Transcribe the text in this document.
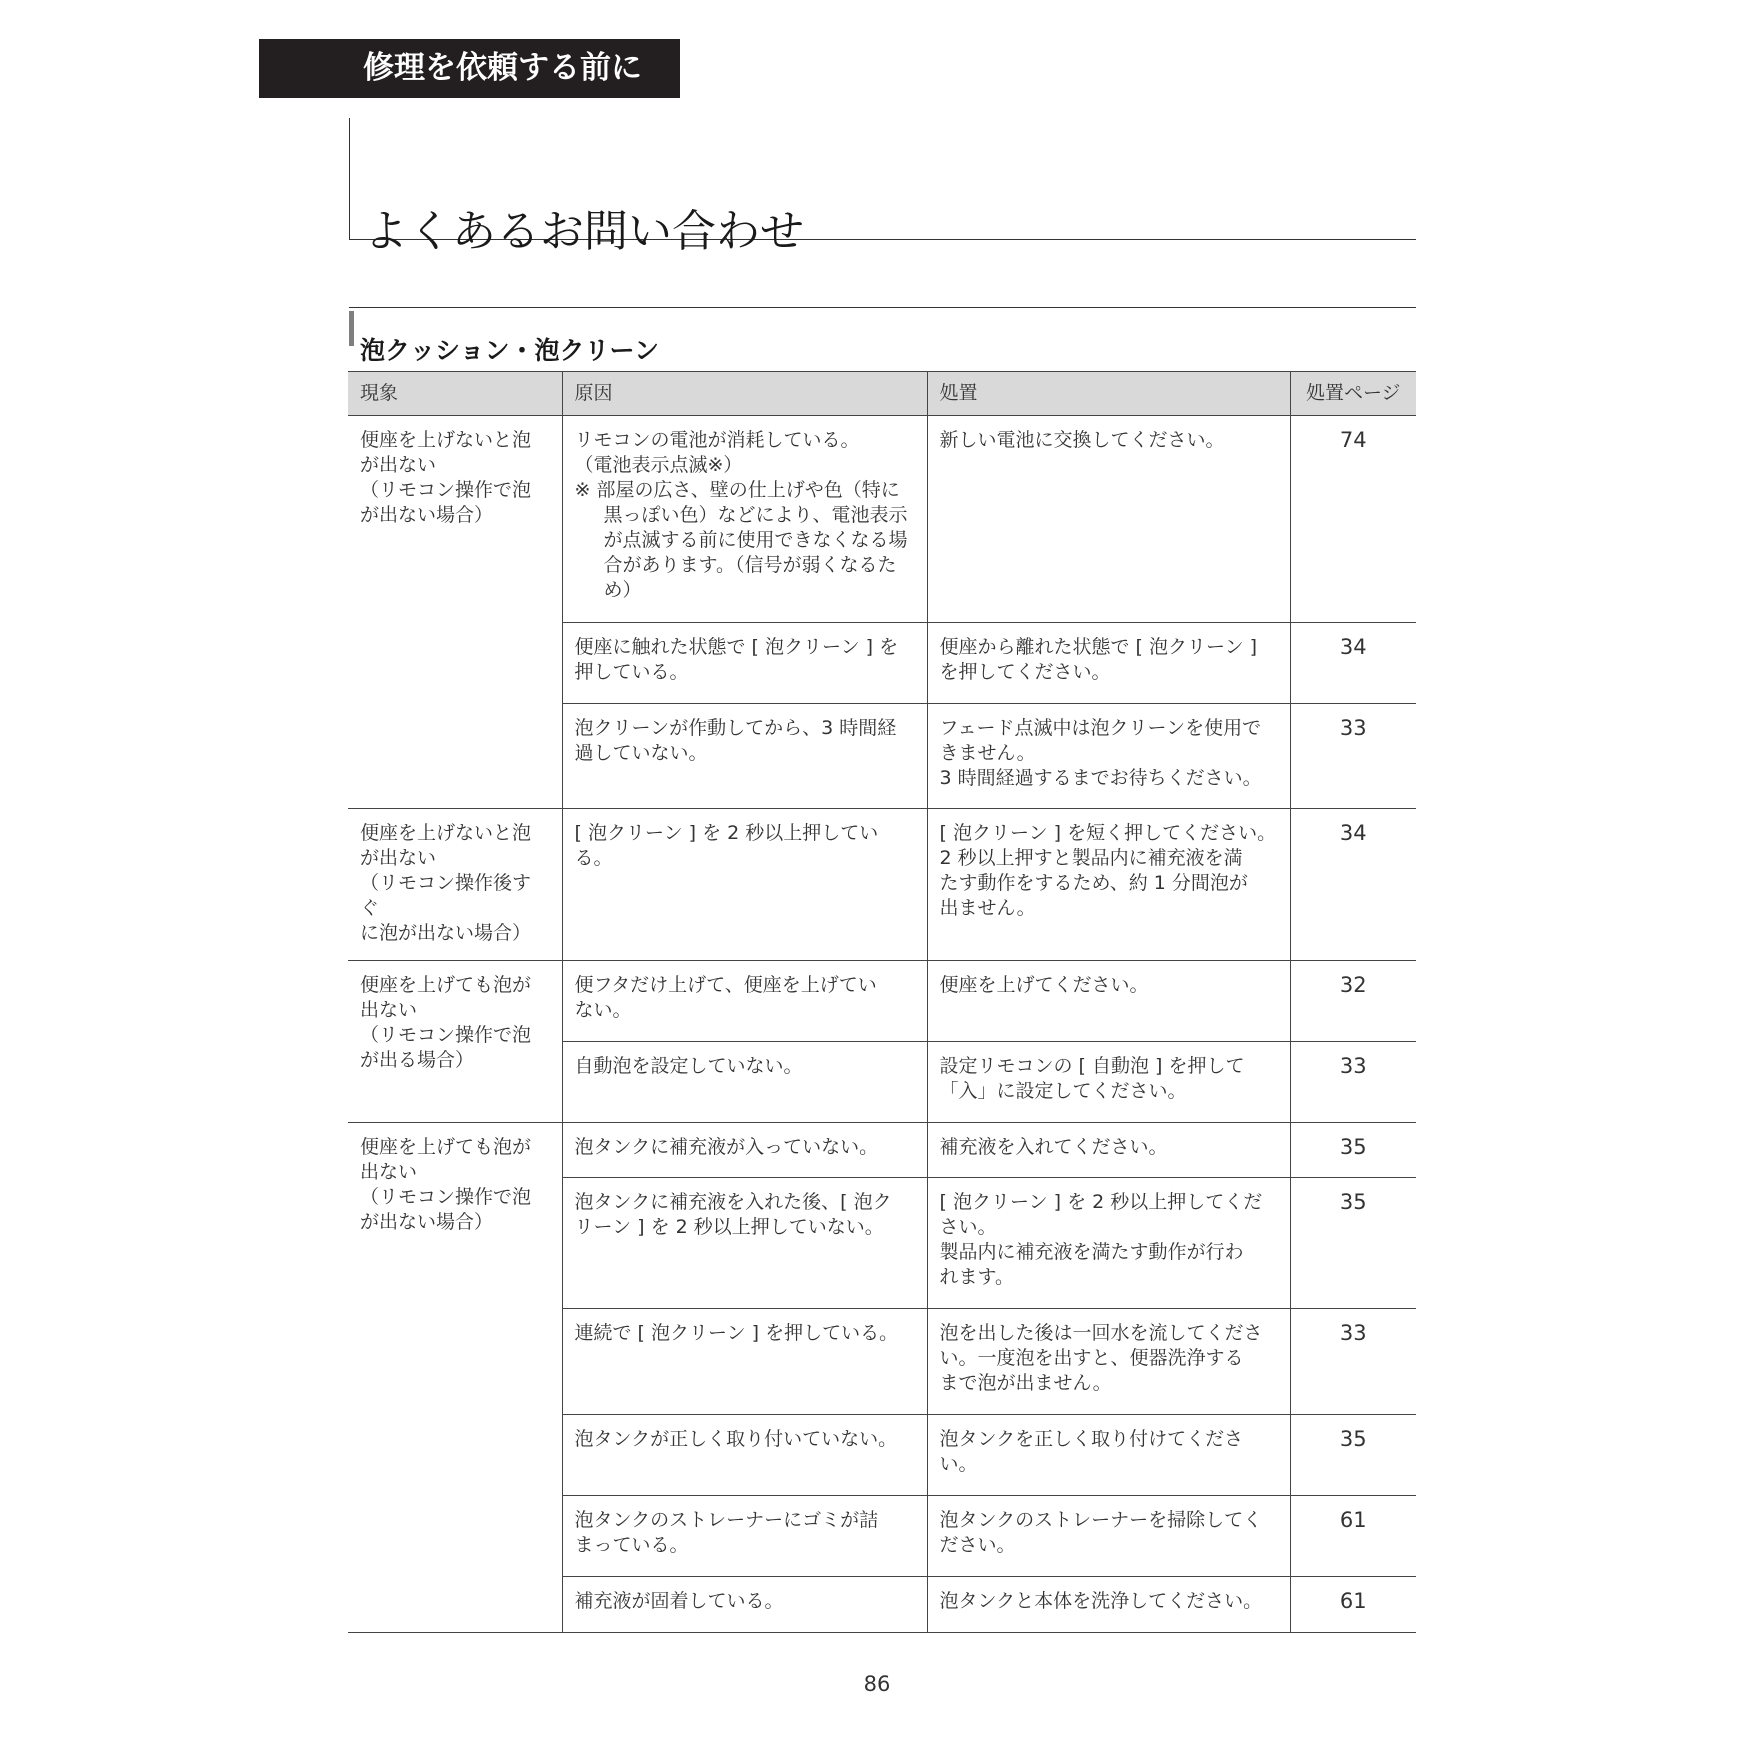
修理を依頼する前に
よくあるお問い合わせ
泡クッション・泡クリーン
現象	原因	処置	処置ページ
便座を上げないと泡
が出ない
（リモコン操作で泡
が出ない場合）	リモコンの電池が消耗している。
（電池表示点滅※）
※ 部屋の広さ、壁の仕上げや色（特に黒っぽい色）などにより、電池表示が点滅する前に使用できなくなる場合があります。（信号が弱くなるため）	新しい電池に交換してください。	74
	便座に触れた状態で [ 泡クリーン ] を
押している。	便座から離れた状態で [ 泡クリーン ]
を押してください。	34
	泡クリーンが作動してから、3 時間経
過していない。	フェード点滅中は泡クリーンを使用で
きません。
3 時間経過するまでお待ちください。	33
便座を上げないと泡
が出ない
（リモコン操作後すぐ
に泡が出ない場合）	[ 泡クリーン ] を 2 秒以上押している。	[ 泡クリーン ] を短く押してください。
2 秒以上押すと製品内に補充液を満
たす動作をするため、約 1 分間泡が
出ません。	34
便座を上げても泡が
出ない
（リモコン操作で泡
が出る場合）	便フタだけ上げて、便座を上げてい
ない。	便座を上げてください。	32
	自動泡を設定していない。	設定リモコンの [ 自動泡 ] を押して
「入」に設定してください。	33
便座を上げても泡が
出ない
（リモコン操作で泡
が出ない場合）	泡タンクに補充液が入っていない。	補充液を入れてください。	35
	泡タンクに補充液を入れた後、[ 泡ク
リーン ] を 2 秒以上押していない。	[ 泡クリーン ] を 2 秒以上押してくだ
さい。
製品内に補充液を満たす動作が行わ
れます。	35
	連続で [ 泡クリーン ] を押している。	泡を出した後は一回水を流してくださ
い。一度泡を出すと、便器洗浄する
まで泡が出ません。	33
	泡タンクが正しく取り付いていない。	泡タンクを正しく取り付けてくださ
い。	35
	泡タンクのストレーナーにゴミが詰
まっている。	泡タンクのストレーナーを掃除してく
ださい。	61
	補充液が固着している。	泡タンクと本体を洗浄してください。	61
86
